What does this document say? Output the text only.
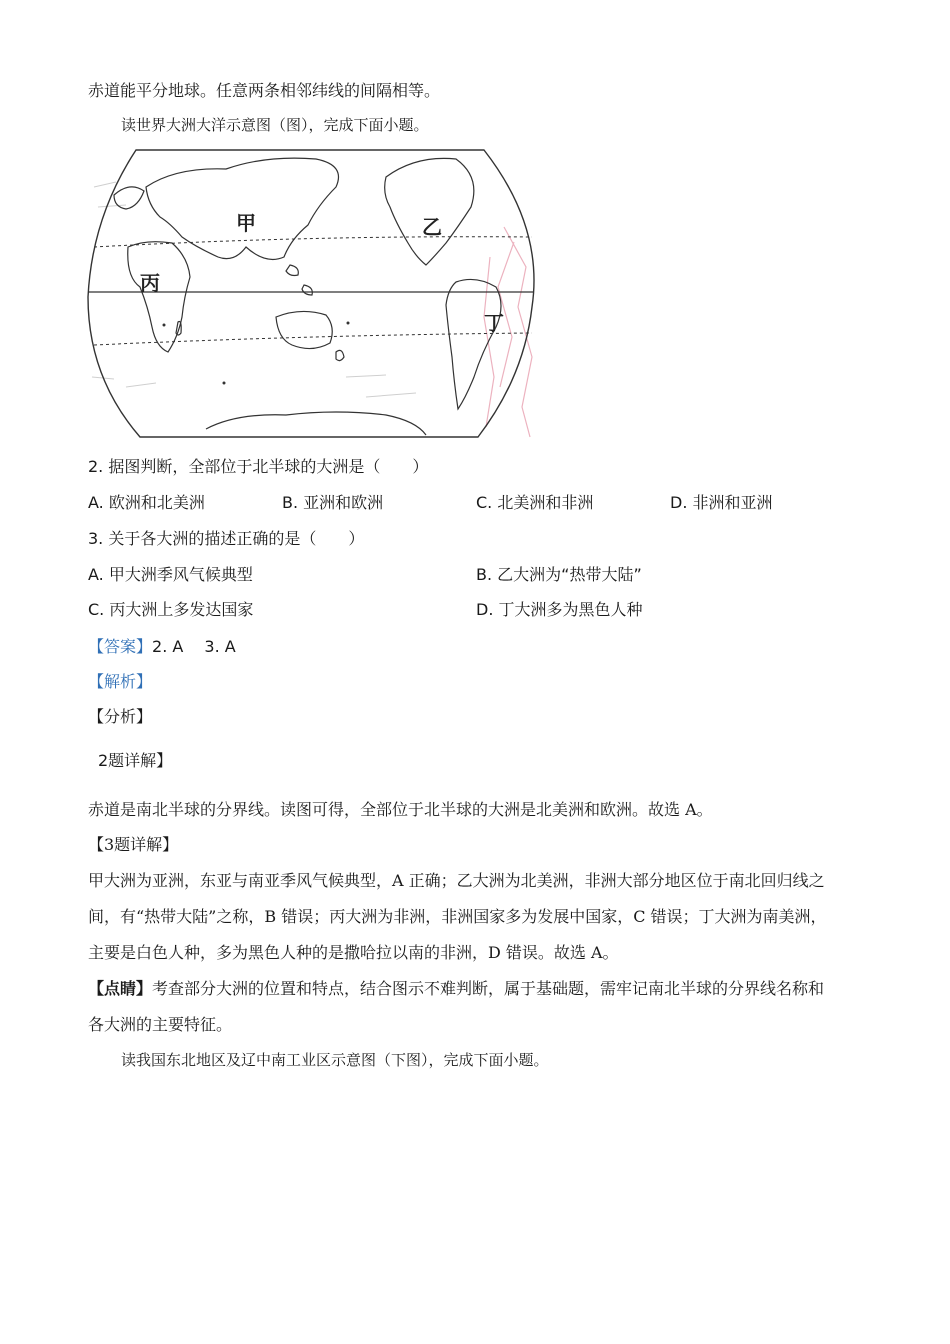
赤道能平分地球。任意两条相邻纬线的间隔相等。
读世界大洲大洋示意图（图），完成下面小题。
甲	乙
丙
丁
2. 据图判断，全部位于北半球的大洲是（　　）
A. 欧洲和北美洲	B. 亚洲和欧洲	C. 北美洲和非洲	D. 非洲和亚洲
3. 关于各大洲的描述正确的是（　　）
A. 甲大洲季风气候典型	B. 乙大洲为“热带大陆”
C. 丙大洲上多发达国家	D. 丁大洲多为黑色人种
【答案】2. A　 3. A
【解析】
【分析】
2题详解】
赤道是南北半球的分界线。读图可得，全部位于北半球的大洲是北美洲和欧洲。故选 A。
【3题详解】
甲大洲为亚洲，东亚与南亚季风气候典型，A 正确；乙大洲为北美洲，非洲大部分地区位于南北回归线之
间，有“热带大陆”之称，B 错误；丙大洲为非洲，非洲国家多为发展中国家，C 错误；丁大洲为南美洲，
主要是白色人种，多为黑色人种的是撒哈拉以南的非洲，D 错误。故选 A。
【点睛】考查部分大洲的位置和特点，结合图示不难判断，属于基础题，需牢记南北半球的分界线名称和
各大洲的主要特征。
读我国东北地区及辽中南工业区示意图（下图），完成下面小题。
